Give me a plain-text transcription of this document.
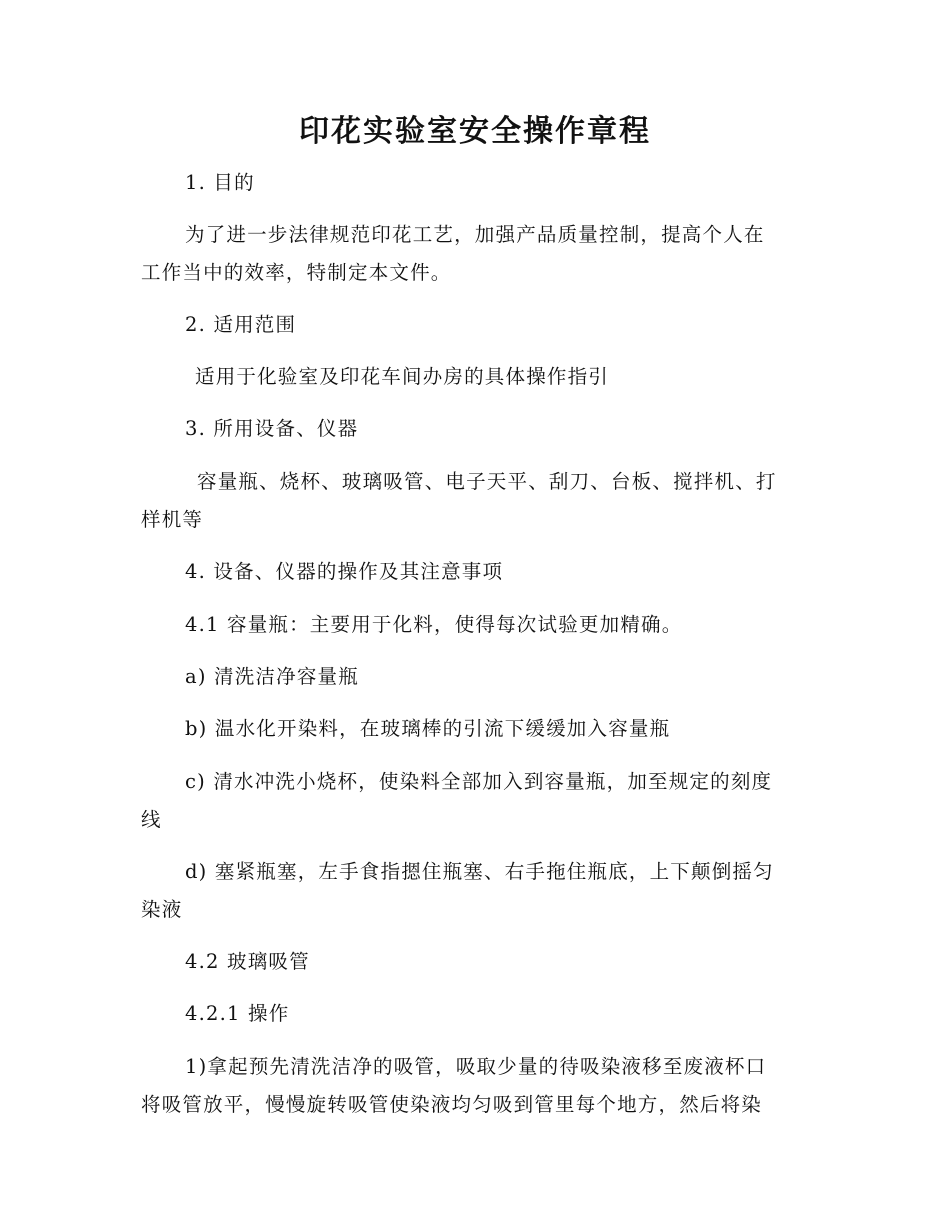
印花实验室安全操作章程
1. 目的
为了进一步法律规范印花工艺，加强产品质量控制，提高个人在
工作当中的效率，特制定本文件。
2. 适用范围
适用于化验室及印花车间办房的具体操作指引
3. 所用设备、仪器
容量瓶、烧杯、玻璃吸管、电子天平、刮刀、台板、搅拌机、打
样机等
4. 设备、仪器的操作及其注意事项
4.1 容量瓶：主要用于化料，使得每次试验更加精确。
a) 清洗洁净容量瓶
b) 温水化开染料，在玻璃棒的引流下缓缓加入容量瓶
c) 清水冲洗小烧杯，使染料全部加入到容量瓶，加至规定的刻度
线
d) 塞紧瓶塞，左手食指摁住瓶塞、右手拖住瓶底，上下颠倒摇匀
染液
4.2 玻璃吸管
4.2.1 操作
1)拿起预先清洗洁净的吸管，吸取少量的待吸染液移至废液杯口
将吸管放平，慢慢旋转吸管使染液均匀吸到管里每个地方，然后将染
